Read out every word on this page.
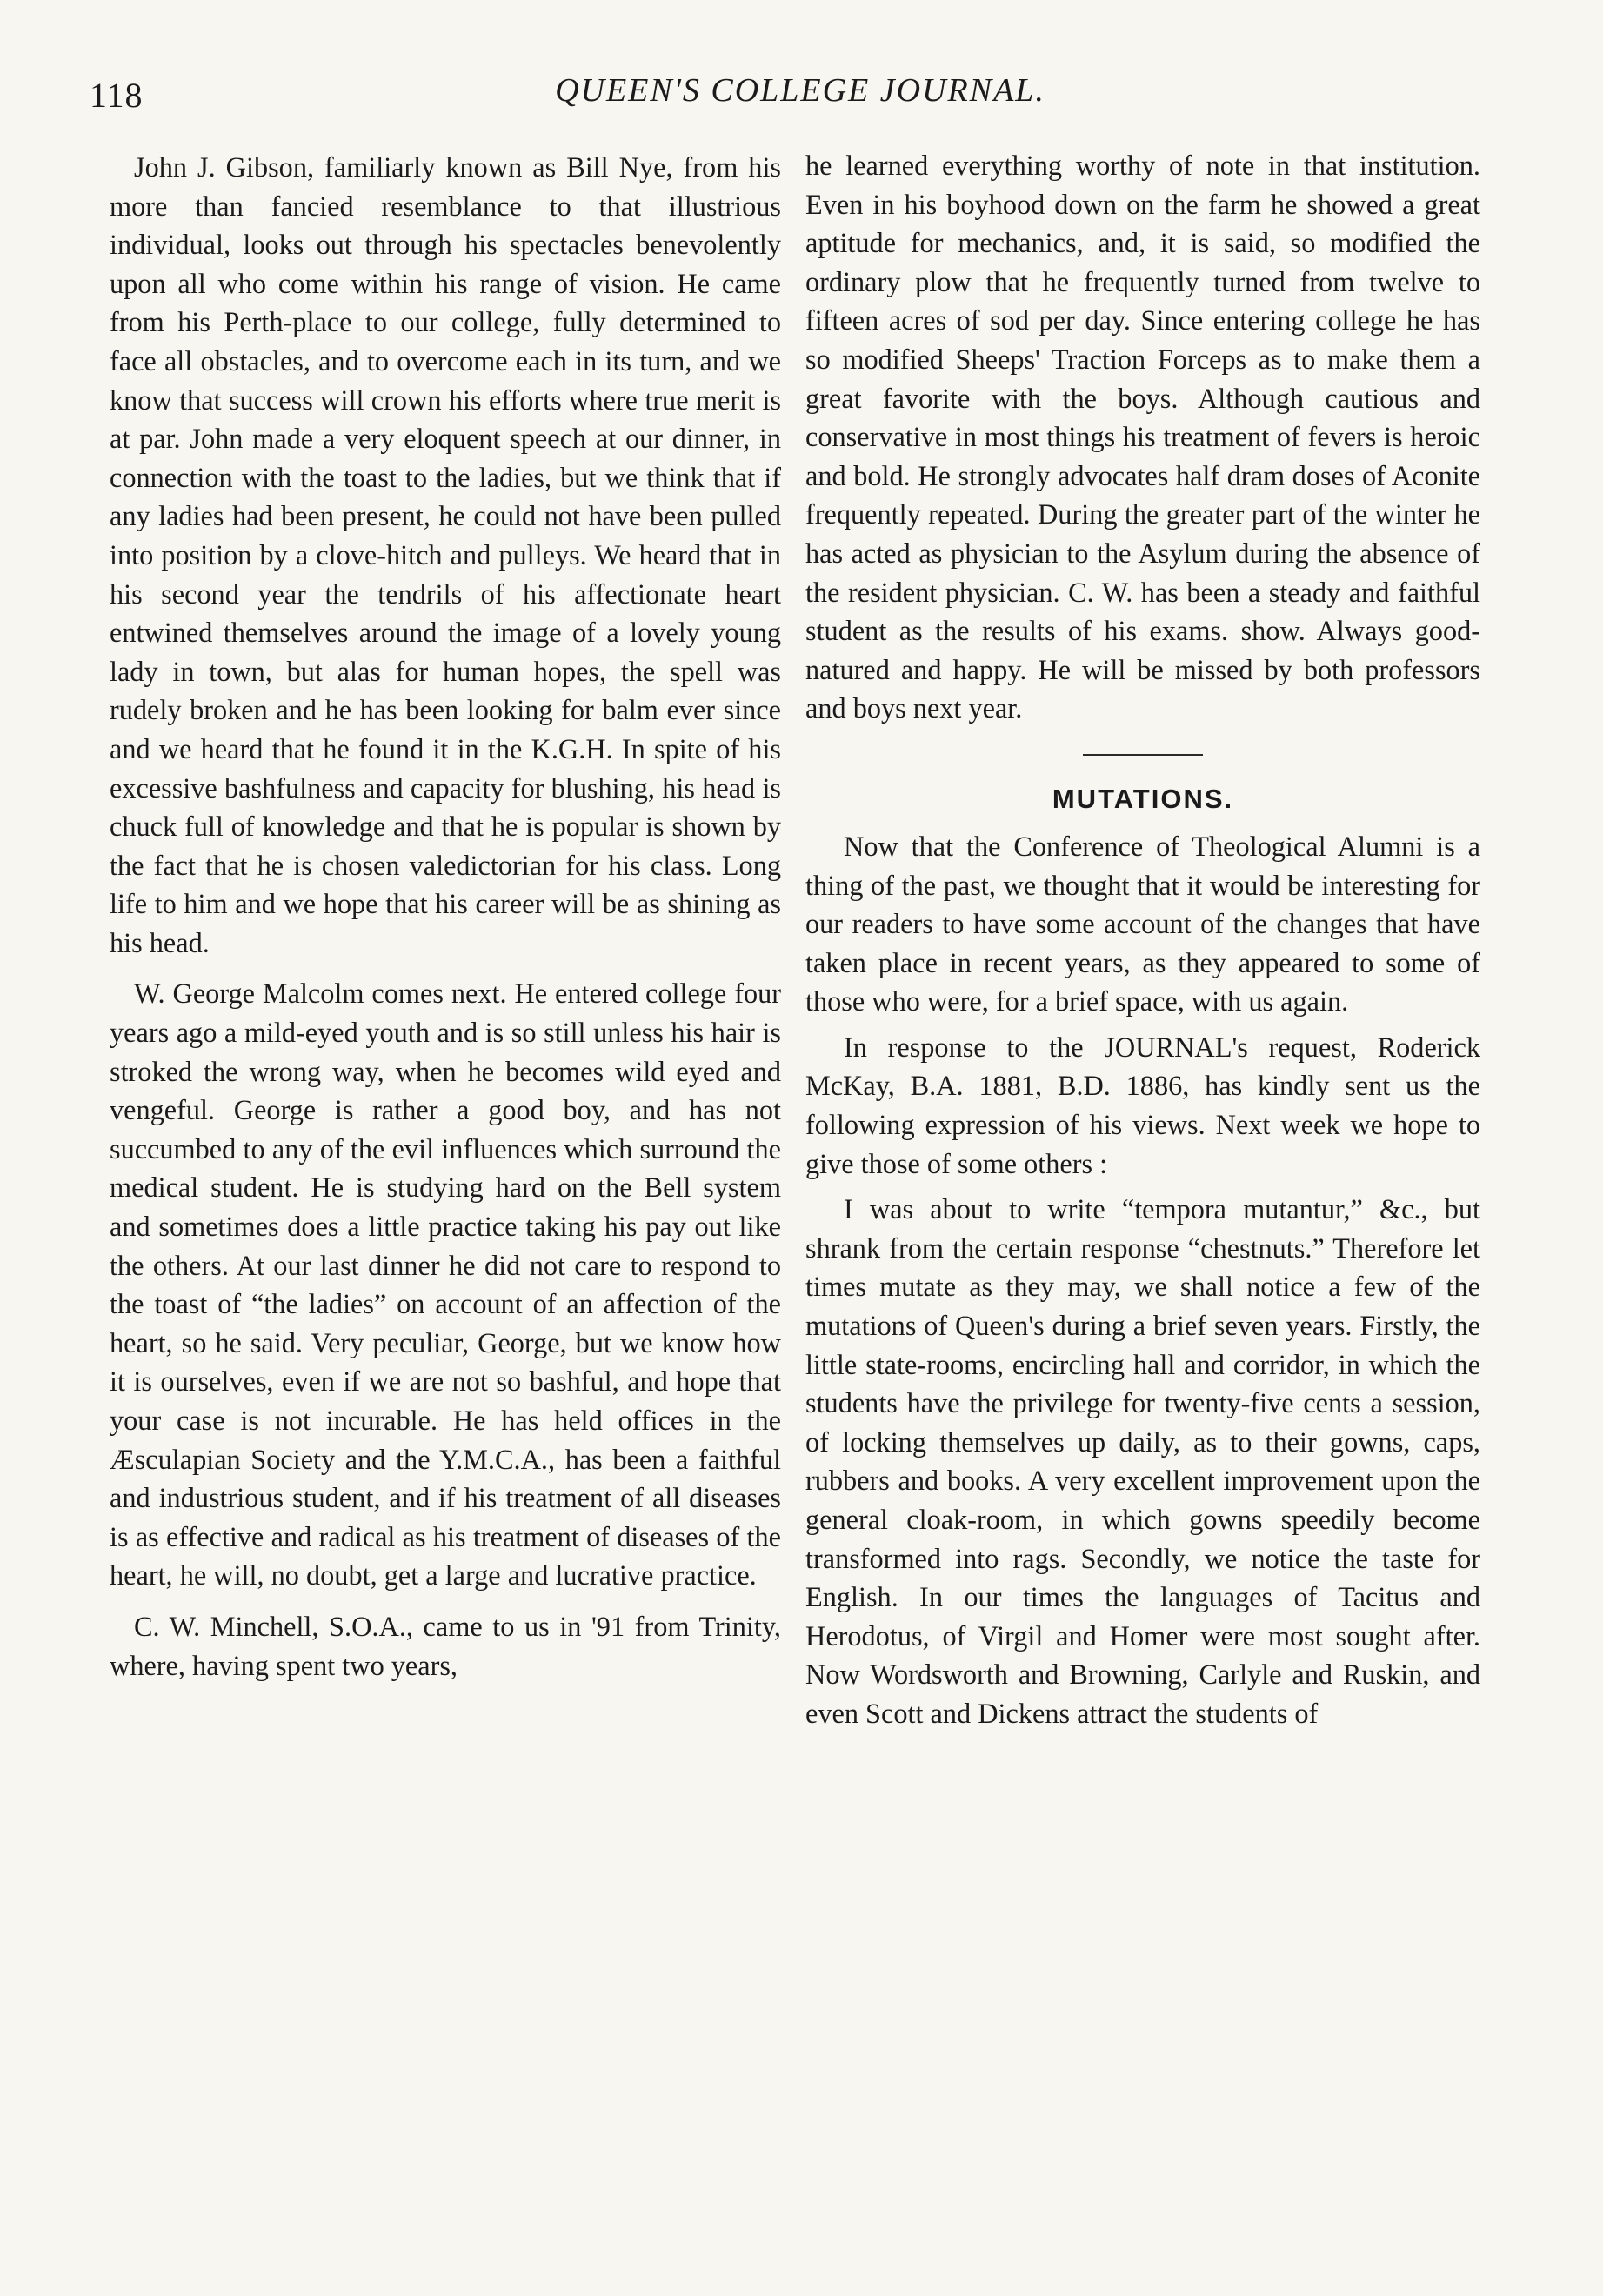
118	QUEEN'S COLLEGE JOURNAL.

John J. Gibson, familiarly known as Bill Nye, from his more than fancied resemblance to that illustrious individual, looks out through his spectacles benevolently upon all who come within his range of vision. He came from his Perth-place to our college, fully determined to face all obstacles, and to overcome each in its turn, and we know that success will crown his efforts where true merit is at par. John made a very eloquent speech at our dinner, in connection with the toast to the ladies, but we think that if any ladies had been present, he could not have been pulled into position by a clove-hitch and pulleys. We heard that in his second year the tendrils of his affectionate heart entwined themselves around the image of a lovely young lady in town, but alas for human hopes, the spell was rudely broken and he has been looking for balm ever since and we heard that he found it in the K.G.H. In spite of his excessive bashfulness and capacity for blushing, his head is chuck full of knowledge and that he is popular is shown by the fact that he is chosen valedictorian for his class. Long life to him and we hope that his career will be as shining as his head.

W. George Malcolm comes next. He entered college four years ago a mild-eyed youth and is so still unless his hair is stroked the wrong way, when he becomes wild eyed and vengeful. George is rather a good boy, and has not succumbed to any of the evil influences which surround the medical student. He is studying hard on the Bell system and sometimes does a little practice taking his pay out like the others. At our last dinner he did not care to respond to the toast of “the ladies” on account of an affection of the heart, so he said. Very peculiar, George, but we know how it is ourselves, even if we are not so bashful, and hope that your case is not incurable. He has held offices in the Æsculapian Society and the Y.M.C.A., has been a faithful and industrious student, and if his treatment of all diseases is as effective and radical as his treatment of diseases of the heart, he will, no doubt, get a large and lucrative practice.

C. W. Minchell, S.O.A., came to us in '91 from Trinity, where, having spent two years,

he learned everything worthy of note in that institution. Even in his boyhood down on the farm he showed a great aptitude for mechanics, and, it is said, so modified the ordinary plow that he frequently turned from twelve to fifteen acres of sod per day. Since entering college he has so modified Sheeps' Traction Forceps as to make them a great favorite with the boys. Although cautious and conservative in most things his treatment of fevers is heroic and bold. He strongly advocates half dram doses of Aconite frequently repeated. During the greater part of the winter he has acted as physician to the Asylum during the absence of the resident physician. C. W. has been a steady and faithful student as the results of his exams. show. Always good-natured and happy. He will be missed by both professors and boys next year.

MUTATIONS.

Now that the Conference of Theological Alumni is a thing of the past, we thought that it would be interesting for our readers to have some account of the changes that have taken place in recent years, as they appeared to some of those who were, for a brief space, with us again.

In response to the JOURNAL's request, Roderick McKay, B.A. 1881, B.D. 1886, has kindly sent us the following expression of his views. Next week we hope to give those of some others :

I was about to write “tempora mutantur,” &c., but shrank from the certain response “chestnuts.” Therefore let times mutate as they may, we shall notice a few of the mutations of Queen's during a brief seven years. Firstly, the little state-rooms, encircling hall and corridor, in which the students have the privilege for twenty-five cents a session, of locking themselves up daily, as to their gowns, caps, rubbers and books. A very excellent improvement upon the general cloak-room, in which gowns speedily become transformed into rags. Secondly, we notice the taste for English. In our times the languages of Tacitus and Herodotus, of Virgil and Homer were most sought after. Now Wordsworth and Browning, Carlyle and Ruskin, and even Scott and Dickens attract the students of
